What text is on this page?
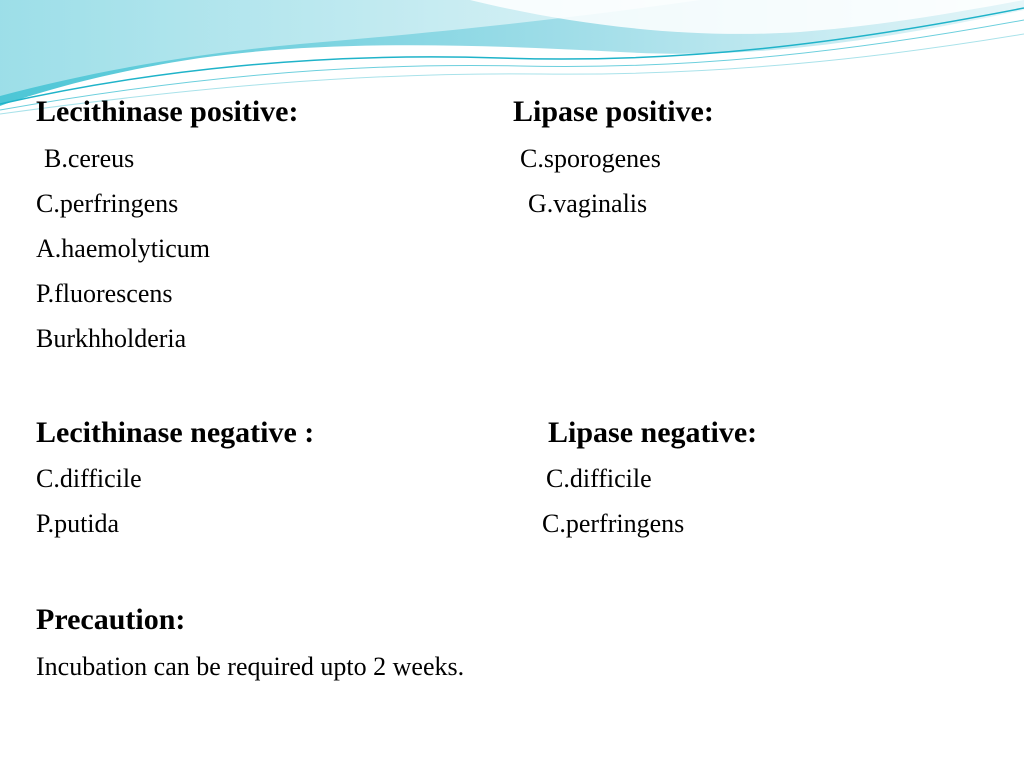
Lecithinase positive:
B.cereus
C.perfringens
A.haemolyticum
P.fluorescens
Burkhholderia
Lipase positive:
C.sporogenes
G.vaginalis
Lecithinase negative :
C.difficile
P.putida
Lipase negative:
C.difficile
C.perfringens
Precaution:
Incubation can be required upto 2 weeks.
